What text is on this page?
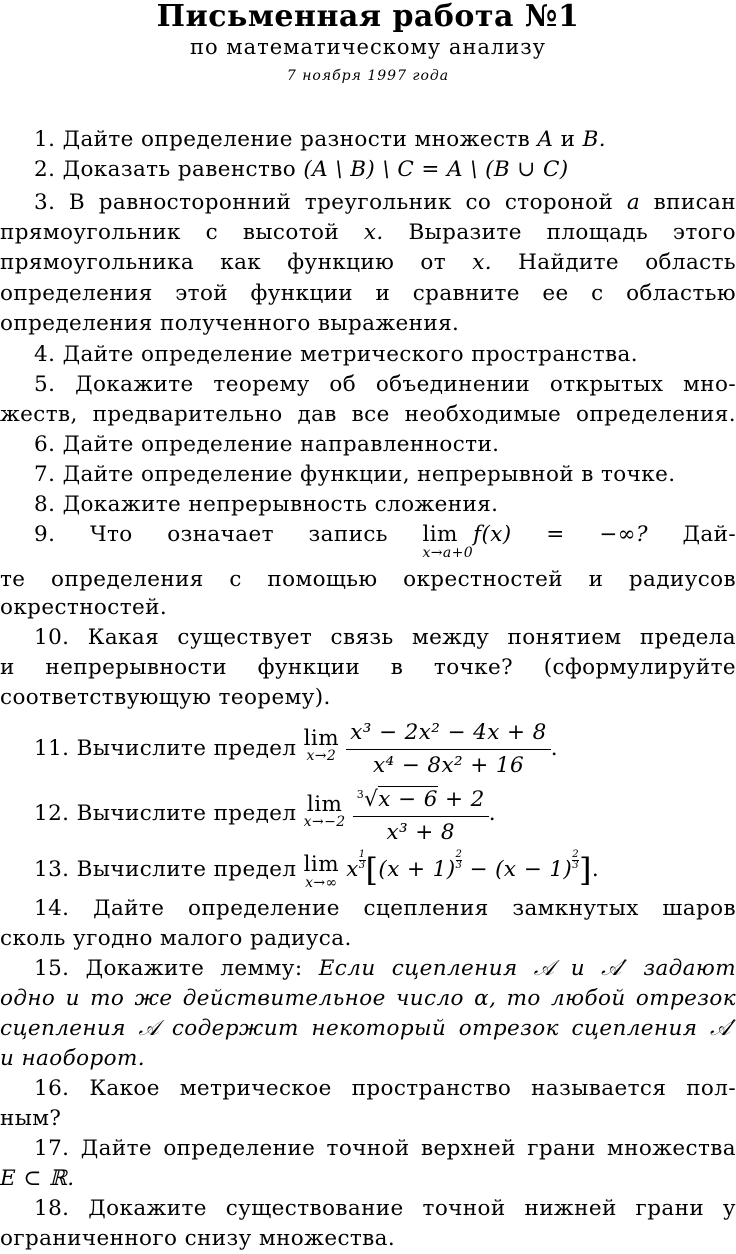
Письменная работа №1
по математическому анализу
7 ноября 1997 года
1. Дайте определение разности множеств A и B.
2. Доказать равенство (A \ B) \ C = A \ (B ∪ C)
3. В равносторонний треугольник со стороной a вписан
прямоугольник с высотой x. Выразите площадь этого
прямоугольника как функцию от x. Найдите область
определения этой функции и сравните ее с областью
определения полученного выражения.
4. Дайте определение метрического пространства.
5. Докажите теорему об объединении открытых мно-
жеств, предварительно дав все необходимые определения.
6. Дайте определение направленности.
7. Дайте определение функции, непрерывной в точке.
8. Докажите непрерывность сложения.
9. Что означает запись lim
x→a+0
f(x) = −∞? Дай-
те определения с помощью окрестностей и радиусов
окрестностей.
10. Какая существует связь между понятием предела
и непрерывности функции в точке? (сформулируйте
соответствующую теорему).
11. Вычислите предел lim
x→2
$\frac{\text{x³ − 2x² − 4x + 8}}{\text{x⁴ − 8x² + 16}}$ .
12. Вычислите предел lim
x→−2
$\frac{^3√x - 6 + 2}{\text{x³ + 8}}$ .
13. Вычислите предел lim
x→∞
x $\frac{1}{3} [(x + 1) \frac{2}{3} - (x - 1) \frac{2}{3}$ ].
14. Дайте определение сцепления замкнутых шаров
сколь угодно малого радиуса.
15. Докажите лемму: Если сцепления 𝒜 и 𝒜′ задают
одно и то же действительное число α, то любой отрезок
сцепления 𝒜 содержит некоторый отрезок сцепления 𝒜′
и наоборот.
16. Какое метрическое пространство называется пол-
ным?
17. Дайте определение точной верхней грани множества
E ⊂ ℝ.
18. Докажите существование точной нижней грани у
ограниченного снизу множества.
